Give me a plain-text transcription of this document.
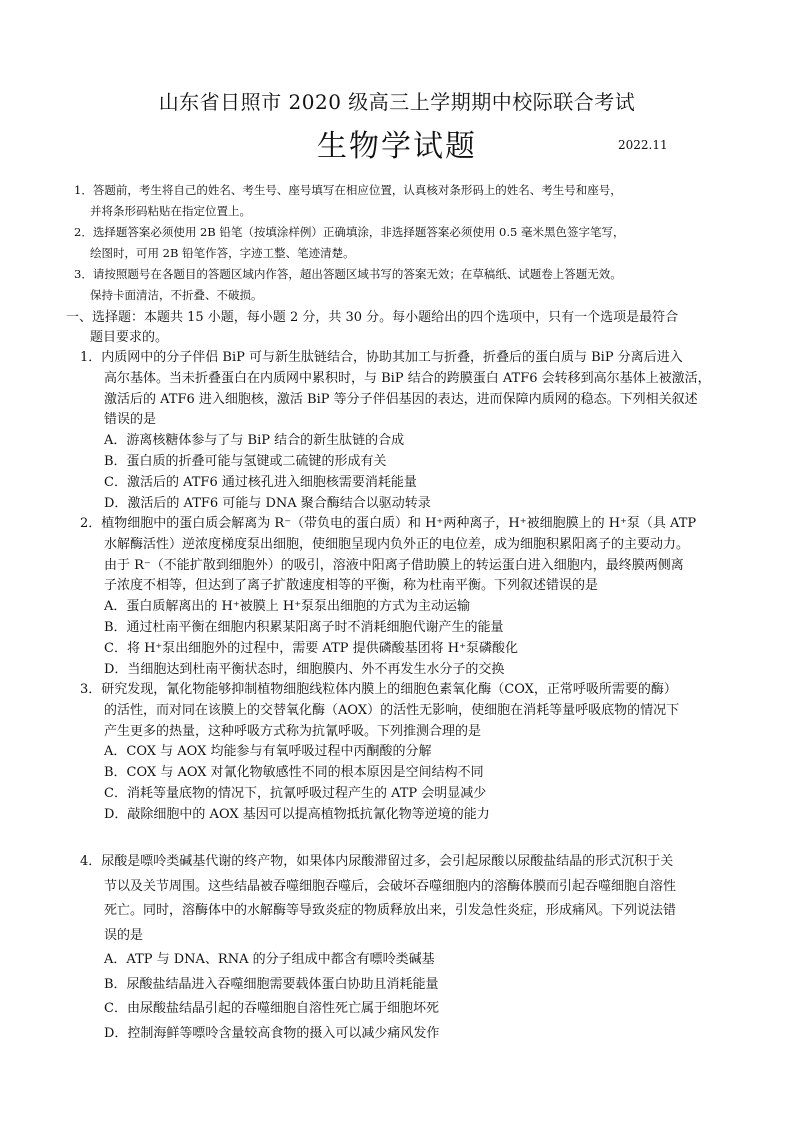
山东省日照市 2020 级高三上学期期中校际联合考试
生物学试题	2022.11
1．答题前，考生将自己的姓名、考生号、座号填写在相应位置，认真核对条形码上的姓名、考生号和座号，
并将条形码粘贴在指定位置上。
2．选择题答案必须使用 2B 铅笔（按填涂样例）正确填涂，非选择题答案必须使用 0.5 毫米黑色签字笔写，
绘图时，可用 2B 铅笔作答，字迹工整、笔迹清楚。
3．请按照题号在各题目的答题区域内作答，超出答题区域书写的答案无效；在草稿纸、试题卷上答题无效。
保持卡面清洁，不折叠、不破损。
一、选择题：本题共 15 小题，每小题 2 分，共 30 分。每小题给出的四个选项中，只有一个选项是最符合
题目要求的。
1．内质网中的分子伴侣 BiP 可与新生肽链结合，协助其加工与折叠，折叠后的蛋白质与 BiP 分离后进入
高尔基体。当未折叠蛋白在内质网中累积时，与 BiP 结合的跨膜蛋白 ATF6 会转移到高尔基体上被激活，
激活后的 ATF6 进入细胞核，激活 BiP 等分子伴侣基因的表达，进而保障内质网的稳态。下列相关叙述
错误的是
A．游离核糖体参与了与 BiP 结合的新生肽链的合成
B．蛋白质的折叠可能与氢键或二硫键的形成有关
C．激活后的 ATF6 通过核孔进入细胞核需要消耗能量
D．激活后的 ATF6 可能与 DNA 聚合酶结合以驱动转录
2．植物细胞中的蛋白质会解离为 R⁻（带负电的蛋白质）和 H⁺两种离子，H⁺被细胞膜上的 H⁺泵（具 ATP
水解酶活性）逆浓度梯度泵出细胞，使细胞呈现内负外正的电位差，成为细胞积累阳离子的主要动力。
由于 R⁻（不能扩散到细胞外）的吸引，溶液中阳离子借助膜上的转运蛋白进入细胞内，最终膜两侧离
子浓度不相等，但达到了离子扩散速度相等的平衡，称为杜南平衡。下列叙述错误的是
A．蛋白质解离出的 H⁺被膜上 H⁺泵泵出细胞的方式为主动运输
B．通过杜南平衡在细胞内积累某阳离子时不消耗细胞代谢产生的能量
C．将 H⁺泵出细胞外的过程中，需要 ATP 提供磷酸基团将 H⁺泵磷酸化
D．当细胞达到杜南平衡状态时，细胞膜内、外不再发生水分子的交换
3．研究发现，氰化物能够抑制植物细胞线粒体内膜上的细胞色素氧化酶（COX，正常呼吸所需要的酶）
的活性，而对同在该膜上的交替氧化酶（AOX）的活性无影响，使细胞在消耗等量呼吸底物的情况下
产生更多的热量，这种呼吸方式称为抗氰呼吸。下列推测合理的是
A．COX 与 AOX 均能参与有氧呼吸过程中丙酮酸的分解
B．COX 与 AOX 对氰化物敏感性不同的根本原因是空间结构不同
C．消耗等量底物的情况下，抗氰呼吸过程产生的 ATP 会明显减少
D．敲除细胞中的 AOX 基因可以提高植物抵抗氰化物等逆境的能力
4．尿酸是嘌呤类碱基代谢的终产物，如果体内尿酸滞留过多，会引起尿酸以尿酸盐结晶的形式沉积于关
节以及关节周围。这些结晶被吞噬细胞吞噬后，会破坏吞噬细胞内的溶酶体膜而引起吞噬细胞自溶性
死亡。同时，溶酶体中的水解酶等导致炎症的物质释放出来，引发急性炎症，形成痛风。下列说法错
误的是
A．ATP 与 DNA、RNA 的分子组成中都含有嘌呤类碱基
B．尿酸盐结晶进入吞噬细胞需要载体蛋白协助且消耗能量
C．由尿酸盐结晶引起的吞噬细胞自溶性死亡属于细胞坏死
D．控制海鲜等嘌呤含量较高食物的摄入可以减少痛风发作
